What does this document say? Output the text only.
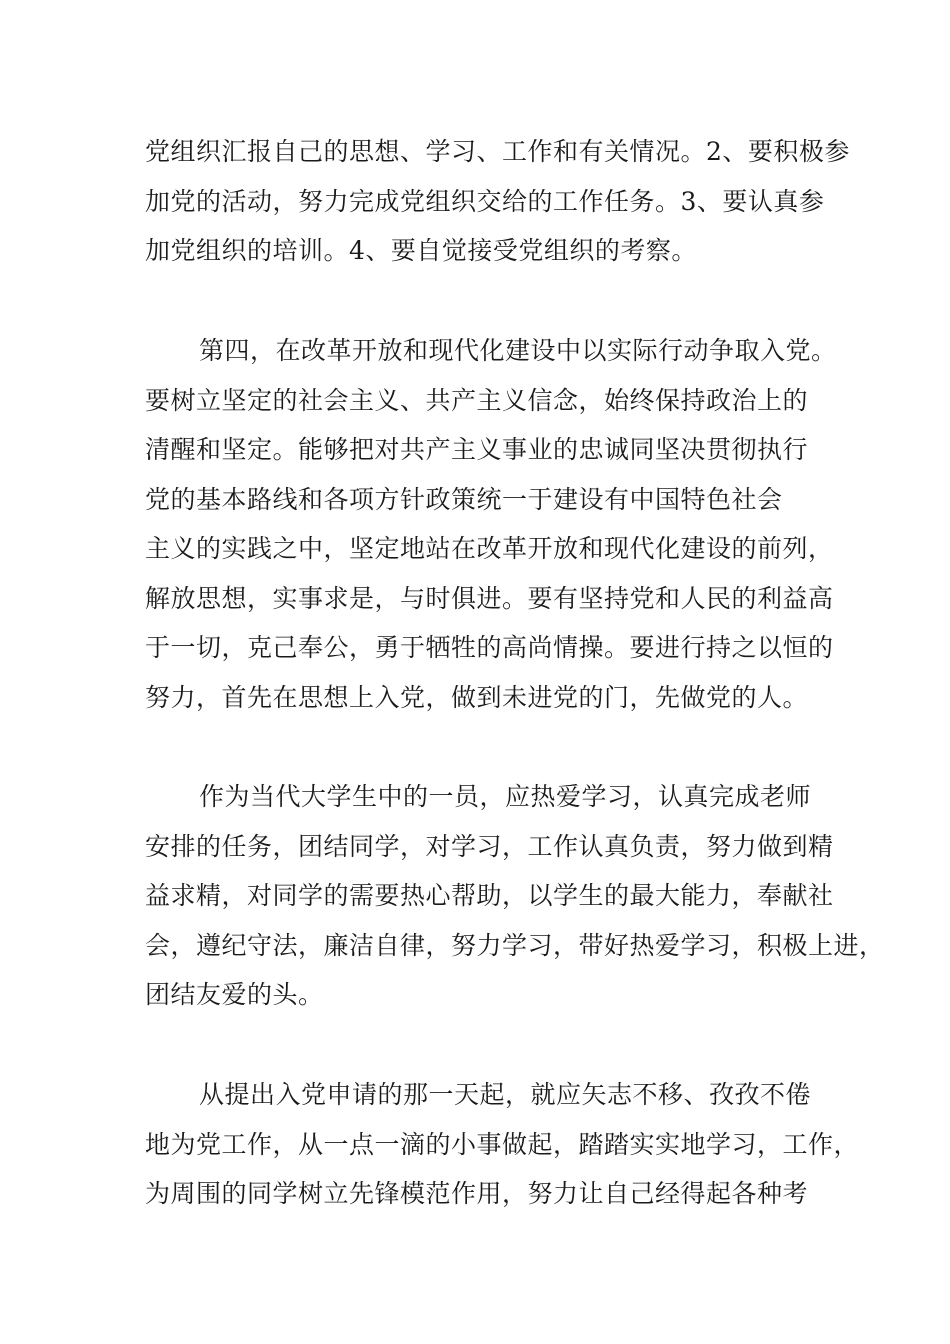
党组织汇报自己的思想、学习、工作和有关情况。2、要积极参
加党的活动，努力完成党组织交给的工作任务。3、要认真参
加党组织的培训。4、要自觉接受党组织的考察。
第四，在改革开放和现代化建设中以实际行动争取入党。
要树立坚定的社会主义、共产主义信念，始终保持政治上的
清醒和坚定。能够把对共产主义事业的忠诚同坚决贯彻执行
党的基本路线和各项方针政策统一于建设有中国特色社会
主义的实践之中，坚定地站在改革开放和现代化建设的前列，
解放思想，实事求是，与时俱进。要有坚持党和人民的利益高
于一切，克己奉公，勇于牺牲的高尚情操。要进行持之以恒的
努力，首先在思想上入党，做到未进党的门，先做党的人。
作为当代大学生中的一员，应热爱学习，认真完成老师
安排的任务，团结同学，对学习，工作认真负责，努力做到精
益求精，对同学的需要热心帮助，以学生的最大能力，奉献社
会，遵纪守法，廉洁自律，努力学习，带好热爱学习，积极上进，
团结友爱的头。
从提出入党申请的那一天起，就应矢志不移、孜孜不倦
地为党工作，从一点一滴的小事做起，踏踏实实地学习，工作，
为周围的同学树立先锋模范作用，努力让自己经得起各种考
